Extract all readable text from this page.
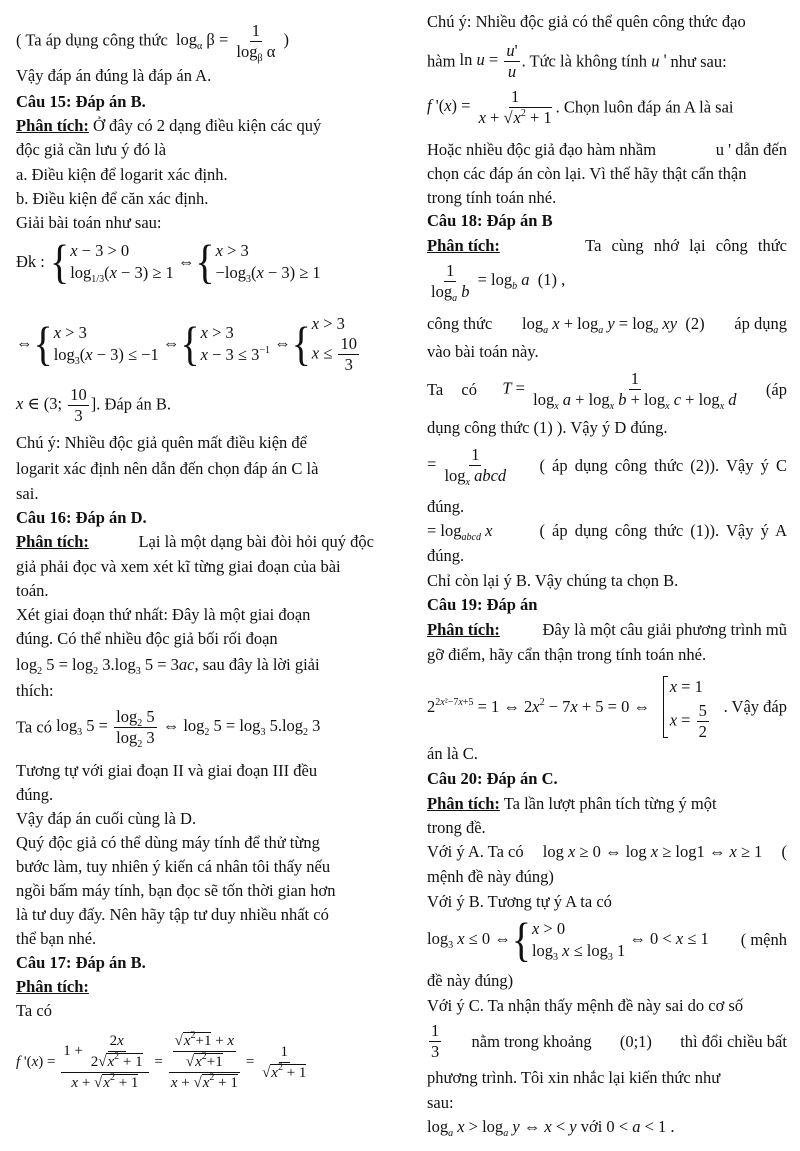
( Ta áp dụng công thức $\log_\alpha \beta = \frac{1}{\log_\beta \alpha}$ )
Vậy đáp án đúng là đáp án A.
Câu 15: Đáp án B.
Phân tích: Ở đây có 2 dạng điều kiện các quý
độc giả cần lưu ý đó là
a. Điều kiện để logarit xác định.
b. Điều kiện để căn xác định.
Giải bài toán như sau:
Đk : { x − 3 > 0
$\log_{1/3}(x - 3) \ge 1$
⇔{ x > 3
$-\log_3(x - 3) \ge 1$
⇔{ x > 3
$\log_3(x - 3) \le -1$
⇔{ x > 3
$x - 3 \le 3^{-1}$ ⇔{ x > 3
$x \le \frac{10}{3}$
x ∈ (3; $\frac{10}{3}$ ]. Đáp án B.
Chú ý: Nhiều độc giả quên mất điều kiện để
logarit xác định nên dẫn đến chọn đáp án C là
sai.
Câu 16: Đáp án D.
Phân tích:	Lại là một dạng bài đòi hỏi quý độc
giả phải đọc và xem xét kĩ từng giai đoạn của bài
toán.
Xét giai đoạn thứ nhất: Đây là một giai đoạn
đúng. Có thể nhiều độc giả bối rối đoạn
$\log_2 5 = \log_2 3.\log_3$ 5 = 3ac, sau đây là lời giải
thích:
Ta có $\log_3 5 = \frac{\log_2 5}{\log_2 3}$ ⇔ $\log_2 5 = \log_3 5.\log_2$ 3
Tương tự với giai đoạn II và giai đoạn III đều
đúng.
Vậy đáp án cuối cùng là D.
Quý độc giả có thể dùng máy tính để thử từng
bước làm, tuy nhiên ý kiến cá nhân tôi thấy nếu
ngồi bấm máy tính, bạn đọc sẽ tốn thời gian hơn
là tư duy đấy. Nên hãy tập tư duy nhiều nhất có
thể bạn nhé.
Câu 17: Đáp án B.
Phân tích:
Ta có
f '$(x) = \frac{1 + \frac{2x}{2√x^2 + 1}}{x + √x^2 + 1} = \frac{\frac{√x^2+1 + x}{√x^2+1}}{x + √x^2 + 1} = \frac{1}{√x^2 + 1}$
Chú ý: Nhiều độc giả có thể quên công thức đạo
hàm $\ln u = \frac{u'}{u}$ . Tức là không tính u ' như sau:
f '$(x) = \frac{1}{x + √x^2 + 1}$ . Chọn luôn đáp án A là sai
Hoặc nhiều độc giả đạo hàm nhầm	u ' dẫn đến
chọn các đáp án còn lại. Vì thế hãy thật cẩn thận
trong tính toán nhé.
Câu 18: Đáp án B
Phân tích:	Ta cùng nhớ lại công thức
$\frac{1}{\log_a b} = \log_b a$  (1) ,
công thức $\log_a x + \log_a y = \log_a$ xy  (2) áp dụng
vào bài toán này.
Ta có $T = \frac{1}{\log_x a + \log_x b + \log_x c + \log_x d}$ (áp
dụng công thức (1) ). Vậy ý D đúng.
= $\frac{1}{\log_x abcd}$ ( áp dụng công thức (2)). Vậy ý C
đúng.
= $\log_{abcd} x$	( áp dụng công thức (1)). Vậy ý A
đúng.
Chỉ còn lại ý B. Vậy chúng ta chọn B.
Câu 19: Đáp án
Phân tích:	Đây là một câu giải phương trình mũ
gỡ điểm, hãy cẩn thận trong tính toán nhé.
$2^{2x^2-7x+5} = 1$ ⇔ $2x^2 - 7x + 5 = 0$ ⇔
x = 1
$x = \frac{5}{2}$ . Vậy đáp
án là C.
Câu 20: Đáp án C.
Phân tích: Ta lần lượt phân tích từng ý một
trong đề.
Với ý A. Ta có log x ≥ 0 ⇔ log x ≥ log1 ⇔ x ≥ 1 (
mệnh đề này đúng)
Với ý B. Tương tự ý A ta có
$\log_3 x \le 0$ ⇔{ x > 0
$\log_3 x \le \log_3 1$
⇔ 0 < x ≤ 1 ( mệnh
đề này đúng)
Với ý C. Ta nhận thấy mệnh đề này sai do cơ số
$\frac{1}{3}$ nằm trong khoảng (0;1) thì đổi chiều bất
phương trình. Tôi xin nhắc lại kiến thức như
sau:
$\log_a x > \log_a y$ ⇔ x < y với 0 < a < 1 .
